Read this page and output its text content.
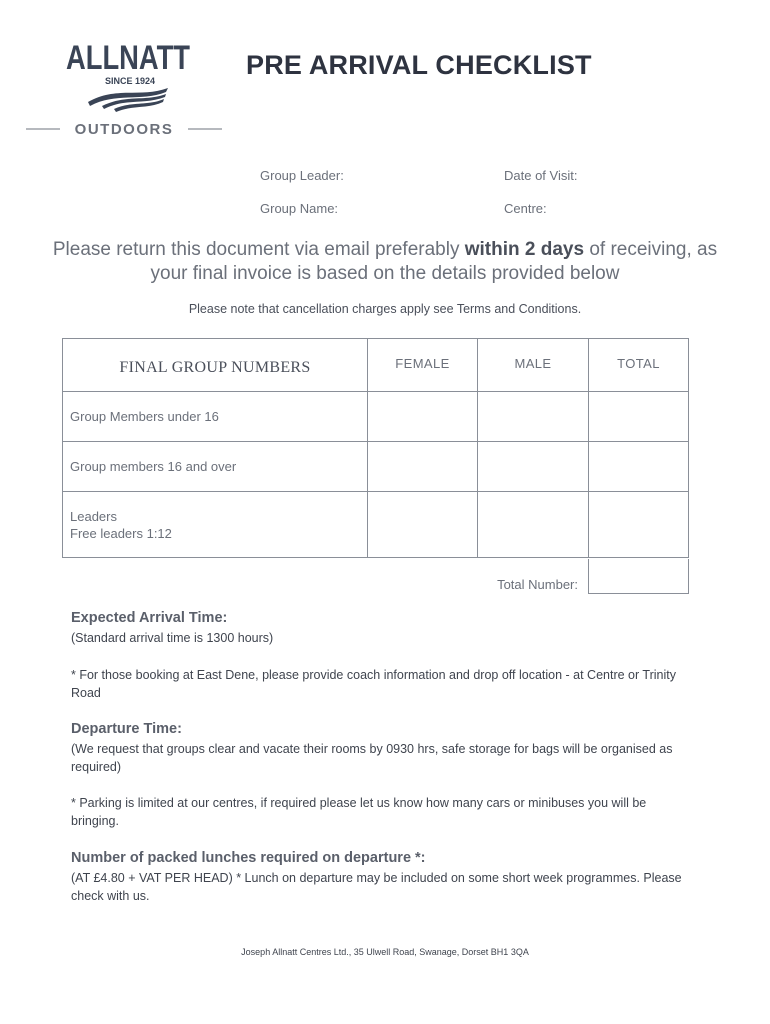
ALLNATT
SINCE 1924
OUTDOORS
PRE ARRIVAL CHECKLIST
Group Leader:	Date of Visit:
Group Name:	Centre:
Please return this document via email preferably within 2 days of receiving, as your final invoice is based on the details provided below
Please note that cancellation charges apply see Terms and Conditions.
FINAL GROUP NUMBERS	FEMALE	MALE	TOTAL
Group Members under 16			
Group members 16 and over			

Leaders
Free leaders 1:12			

Total Number:
Expected Arrival Time:
(Standard arrival time is 1300 hours)
* For those booking at East Dene, please provide coach information and drop off location - at Centre or Trinity Road
Departure Time:
(We request that groups clear and vacate their rooms by 0930 hrs, safe storage for bags will be organised as required)
* Parking is limited at our centres, if required please let us know how many cars or minibuses you will be bringing.
Number of packed lunches required on departure *:
(AT £4.80 + VAT PER HEAD) * Lunch on departure may be included on some short week programmes. Please check with us.
Joseph Allnatt Centres Ltd., 35 Ulwell Road, Swanage, Dorset BH1 3QA
